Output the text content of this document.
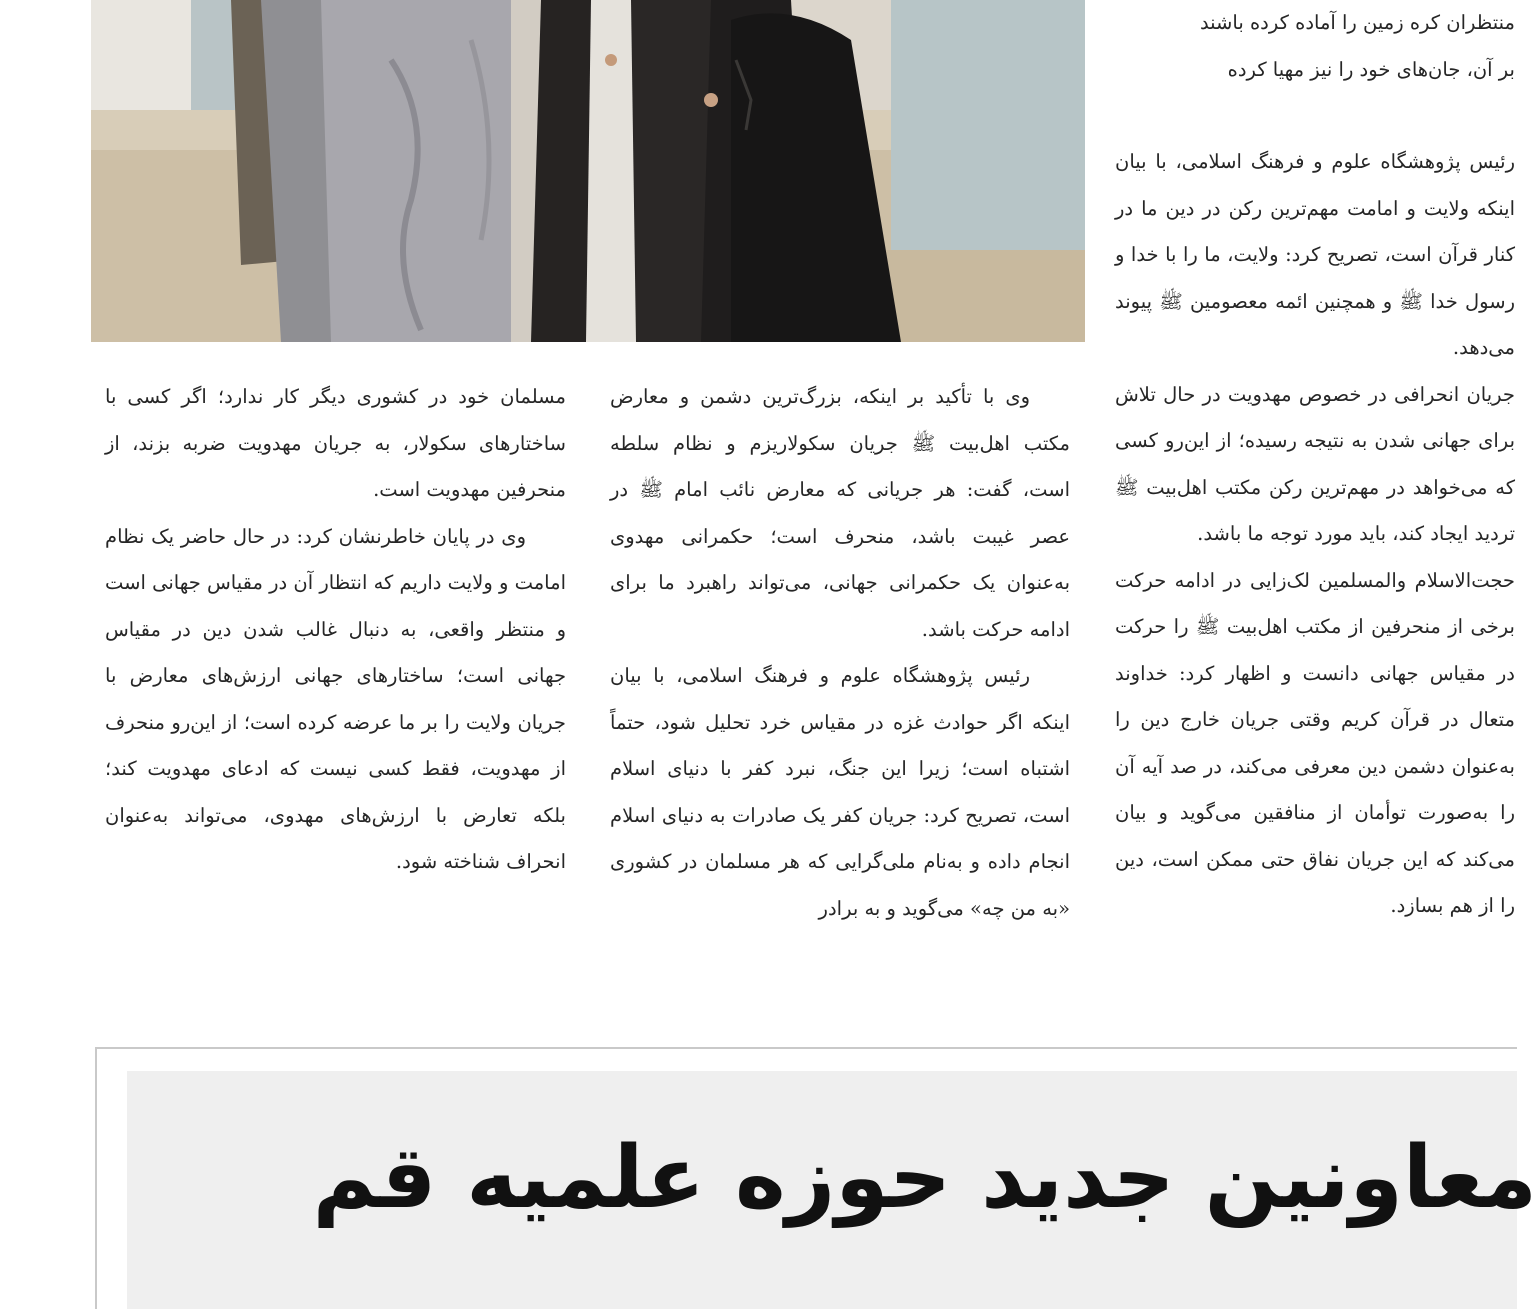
منتظران کره زمین را آماده کرده باشند

بر آن، جان‌های خود را نیز مهیا کرده

رئیس پژوهشگاه علوم و فرهنگ اسلامی، با بیان اینکه ولایت و امامت مهم‌ترین رکن در دین ما در کنار قرآن است، تصریح کرد: ولایت، ما را با خدا و رسول خدا ﷺ و همچنین ائمه معصومین ﷺ پیوند می‌دهد.

جریان انحرافی در خصوص مهدویت در حال تلاش برای جهانی شدن به نتیجه رسیده؛ از این‌رو کسی که می‌خواهد در مهم‌ترین رکن مکتب اهل‌بیت ﷺ تردید ایجاد کند، باید مورد توجه ما باشد.

حجت‌الاسلام والمسلمین لک‌زایی در ادامه حرکت برخی از منحرفین از مکتب اهل‌بیت ﷺ را حرکت در مقیاس جهانی دانست و اظهار کرد: خداوند متعال در قرآن کریم وقتی جریان خارج دین را به‌عنوان دشمن دین معرفی می‌کند، در صد آیه آن را به‌صورت توأمان از منافقین می‌گوید و بیان می‌کند که این جریان نفاق حتی ممکن است، دین را از هم بسازد.

وی با تأکید بر اینکه، بزرگ‌ترین دشمن و معارض مکتب اهل‌بیت ﷺ جریان سکولاریزم و نظام سلطه است، گفت: هر جریانی که معارض نائب امام ﷺ در عصر غیبت باشد، منحرف است؛ حکمرانی مهدوی به‌عنوان یک حکمرانی جهانی، می‌تواند راهبرد ما برای ادامه حرکت باشد.

رئیس پژوهشگاه علوم و فرهنگ اسلامی، با بیان اینکه اگر حوادث غزه در مقیاس خرد تحلیل شود، حتماً اشتباه است؛ زیرا این جنگ، نبرد کفر با دنیای اسلام است، تصریح کرد: جریان کفر یک صادرات به دنیای اسلام انجام داده و به‌نام ملی‌گرایی که هر مسلمان در کشوری «به من چه» می‌گوید و به برادر

مسلمان خود در کشوری دیگر کار ندارد؛ اگر کسی با ساختارهای سکولار، به جریان مهدویت ضربه بزند، از منحرفین مهدویت است.

وی در پایان خاطرنشان کرد: در حال حاضر یک نظام امامت و ولایت داریم که انتظار آن در مقیاس جهانی است و منتظر واقعی، به دنبال غالب شدن دین در مقیاس جهانی است؛ ساختارهای جهانی ارزش‌های معارض با جریان ولایت را بر ما عرضه کرده است؛ از این‌رو منحرف از مهدویت، فقط کسی نیست که ادعای مهدویت کند؛ بلکه تعارض با ارزش‌های مهدوی، می‌تواند به‌عنوان انحراف شناخته شود.

معاونین جدید حوزه علمیه قم
